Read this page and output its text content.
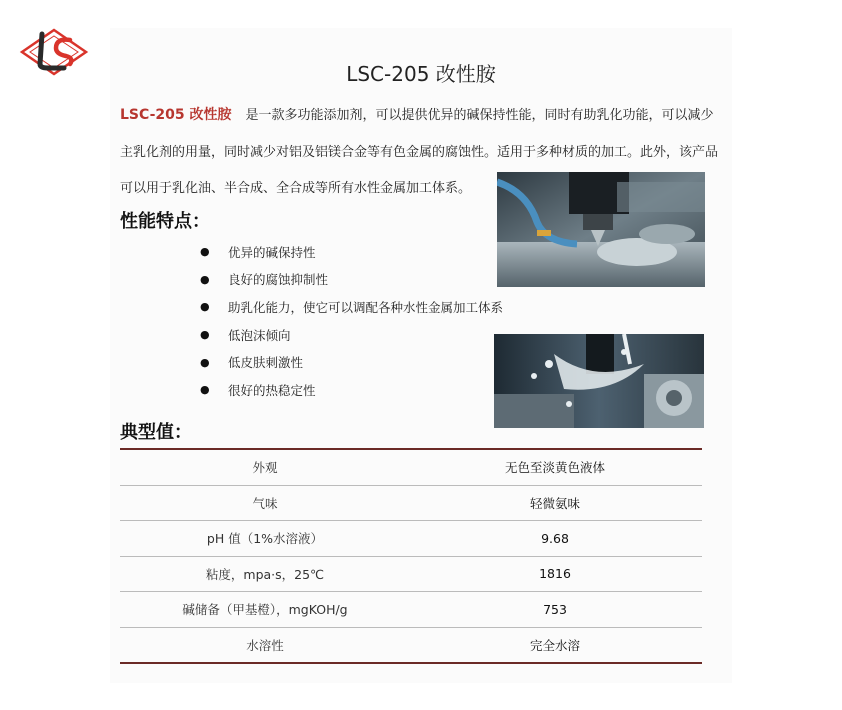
LSC-205 改性胺
LSC-205 改性胺 是一款多功能添加剂，可以提供优异的碱保持性能，同时有助乳化功能，可以减少
主乳化剂的用量，同时减少对铝及铝镁合金等有色金属的腐蚀性。适用于多种材质的加工。此外，该产品
可以用于乳化油、半合成、全合成等所有水性金属加工体系。
性能特点：
●	优异的碱保持性
●	良好的腐蚀抑制性
●	助乳化能力，使它可以调配各种水性金属加工体系
●	低泡沫倾向
●	低皮肤刺激性
●	很好的热稳定性
典型值：
外观	无色至淡黄色液体
气味	轻微氨味
pH 值（1%水溶液）	9.68
粘度，mpa·s，25℃	1816
碱储备（甲基橙），mgKOH/g	753
水溶性	完全水溶
